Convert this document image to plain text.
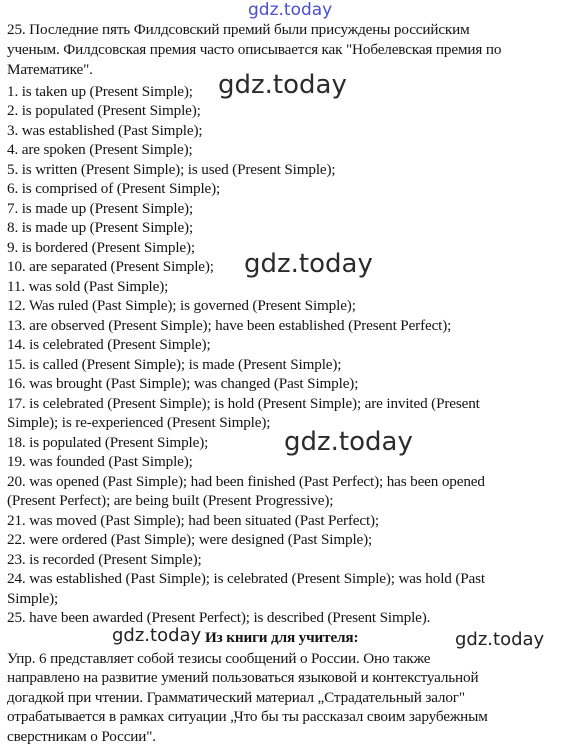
gdz.today
25. Последние пять Филдсовский премий были присуждены российским
ученым. Филдсовская премия часто описывается как "Нобелевская премия по
Математике".
1. is taken up (Present Simple);
2. is populated (Present Simple);
3. was established (Past Simple);
4. are spoken (Present Simple);
5. is written (Present Simple); is used (Present Simple);
6. is comprised of (Present Simple);
7. is made up (Present Simple);
8. is made up (Present Simple);
9. is bordered (Present Simple);
10. are separated (Present Simple);
11. was sold (Past Simple);
12. Was ruled (Past Simple); is governed (Present Simple);
13. are observed (Present Simple); have been established (Present Perfect);
14. is celebrated (Present Simple);
15. is called (Present Simple); is made (Present Simple);
16. was brought (Past Simple); was changed (Past Simple);
17. is celebrated (Present Simple); is hold (Present Simple); are invited (Present
Simple); is re-experienced (Present Simple);
18. is populated (Present Simple);
19. was founded (Past Simple);
20. was opened (Past Simple); had been finished (Past Perfect); has been opened
(Present Perfect); are being built (Present Progressive);
21. was moved (Past Simple); had been situated (Past Perfect);
22. were ordered (Past Simple); were designed (Past Simple);
23. is recorded (Present Simple);
24. was established (Past Simple); is celebrated (Present Simple); was hold (Past
Simple);
25. have been awarded (Present Perfect); is described (Present Simple).
Из книги для учителя:
Упр. 6 представляет собой тезисы сообщений о России. Оно также
направлено на развитие умений пользоваться языковой и контекстуальной
догадкой при чтении. Грамматический материал „Страдательный залог"
отрабатывается в рамках ситуации „Что бы ты рассказал своим зарубежным
сверстникам о России".
gdz.today
gdz.today
gdz.today
gdz.today	gdz.today
